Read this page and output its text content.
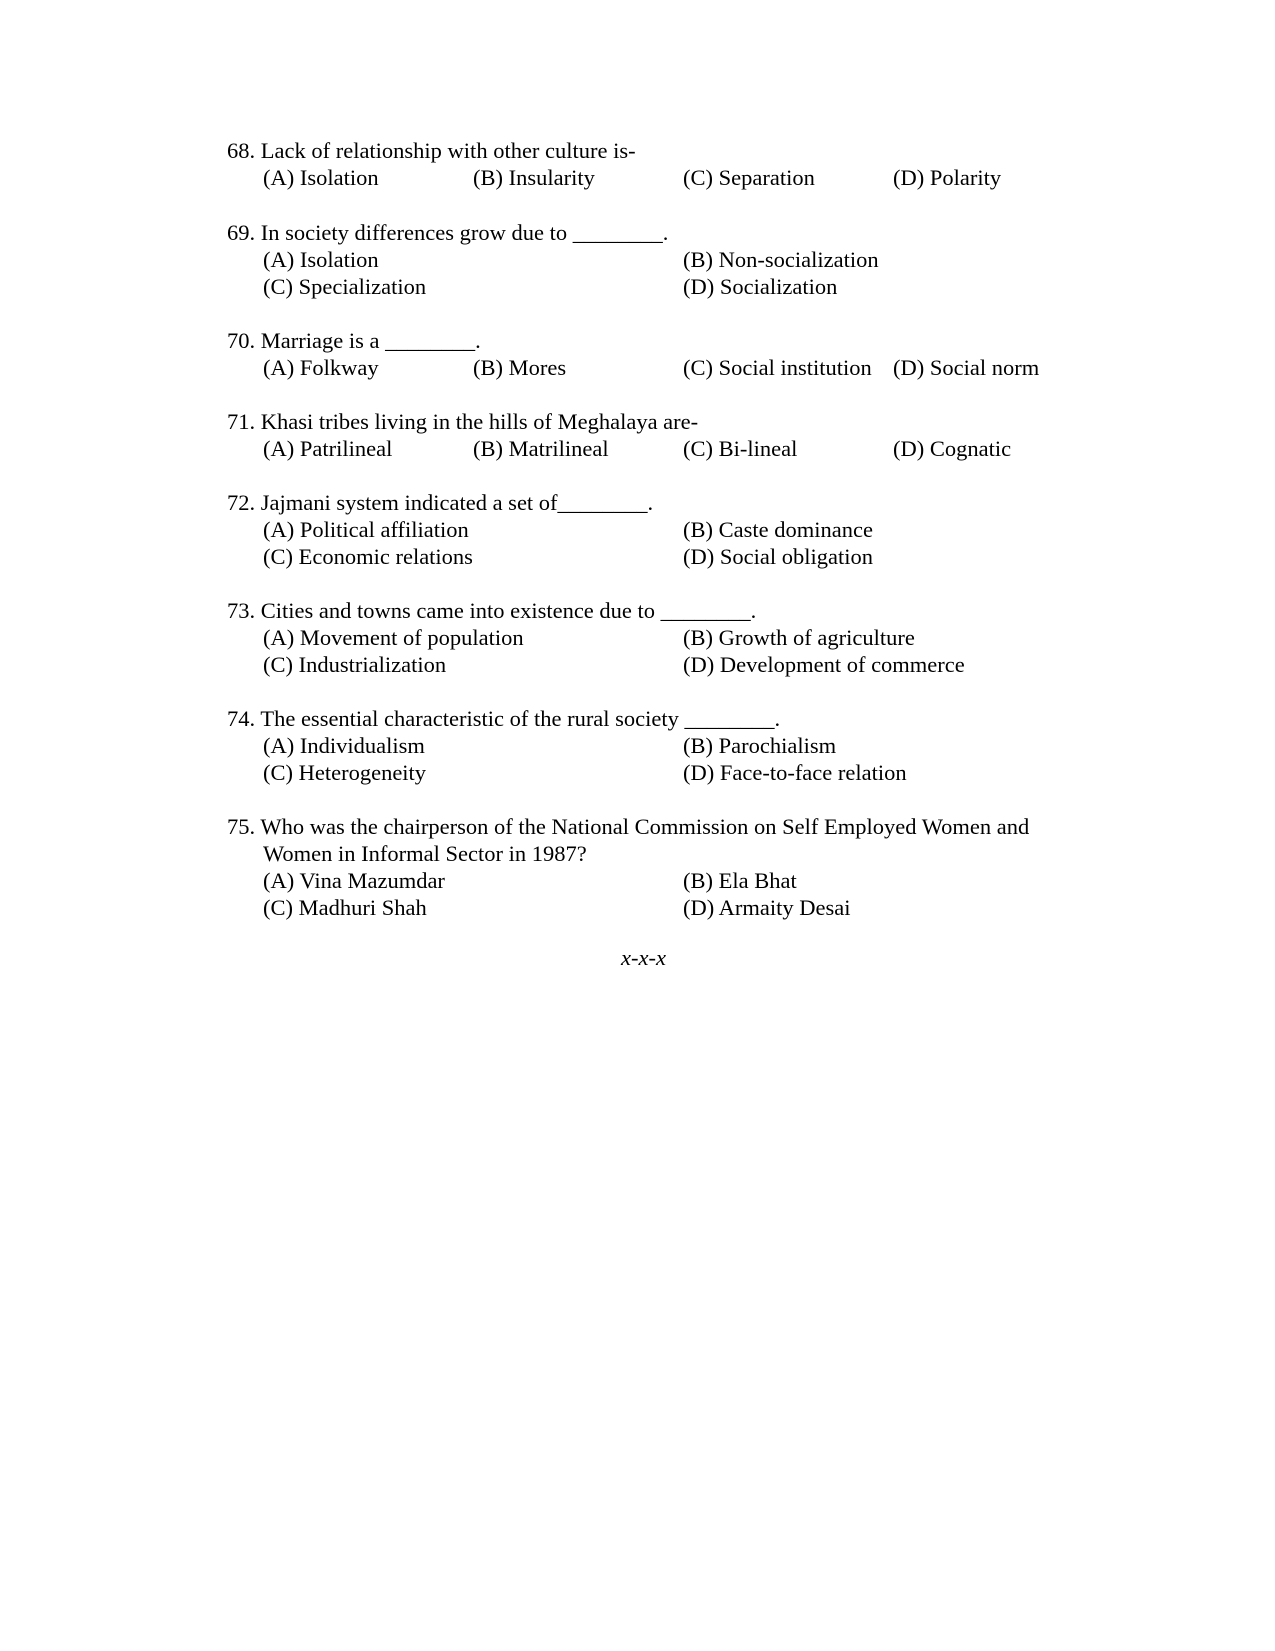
68. Lack of relationship with other culture is-
(A) Isolation	(B) Insularity	(C) Separation	(D) Polarity
69. In society differences grow due to ________.
(A) Isolation	(B) Non-socialization
(C) Specialization	(D) Socialization
70. Marriage is a ________.
(A) Folkway	(B) Mores	(C) Social institution (D) Social norm
71. Khasi tribes living in the hills of Meghalaya are-
(A) Patrilineal	(B) Matrilineal	(C) Bi-lineal	(D) Cognatic
72. Jajmani system indicated a set of________.
(A) Political affiliation	(B) Caste dominance
(C) Economic relations	(D) Social obligation
73. Cities and towns came into existence due to ________.
(A) Movement of population	(B) Growth of agriculture
(C) Industrialization	(D) Development of commerce
74. The essential characteristic of the rural society ________.
(A) Individualism	(B) Parochialism
(C) Heterogeneity	(D) Face-to-face relation
75. Who was the chairperson of the National Commission on Self Employed Women and
Women in Informal Sector in 1987?
(A) Vina Mazumdar	(B) Ela Bhat
(C) Madhuri Shah	(D) Armaity Desai
x-x-x
